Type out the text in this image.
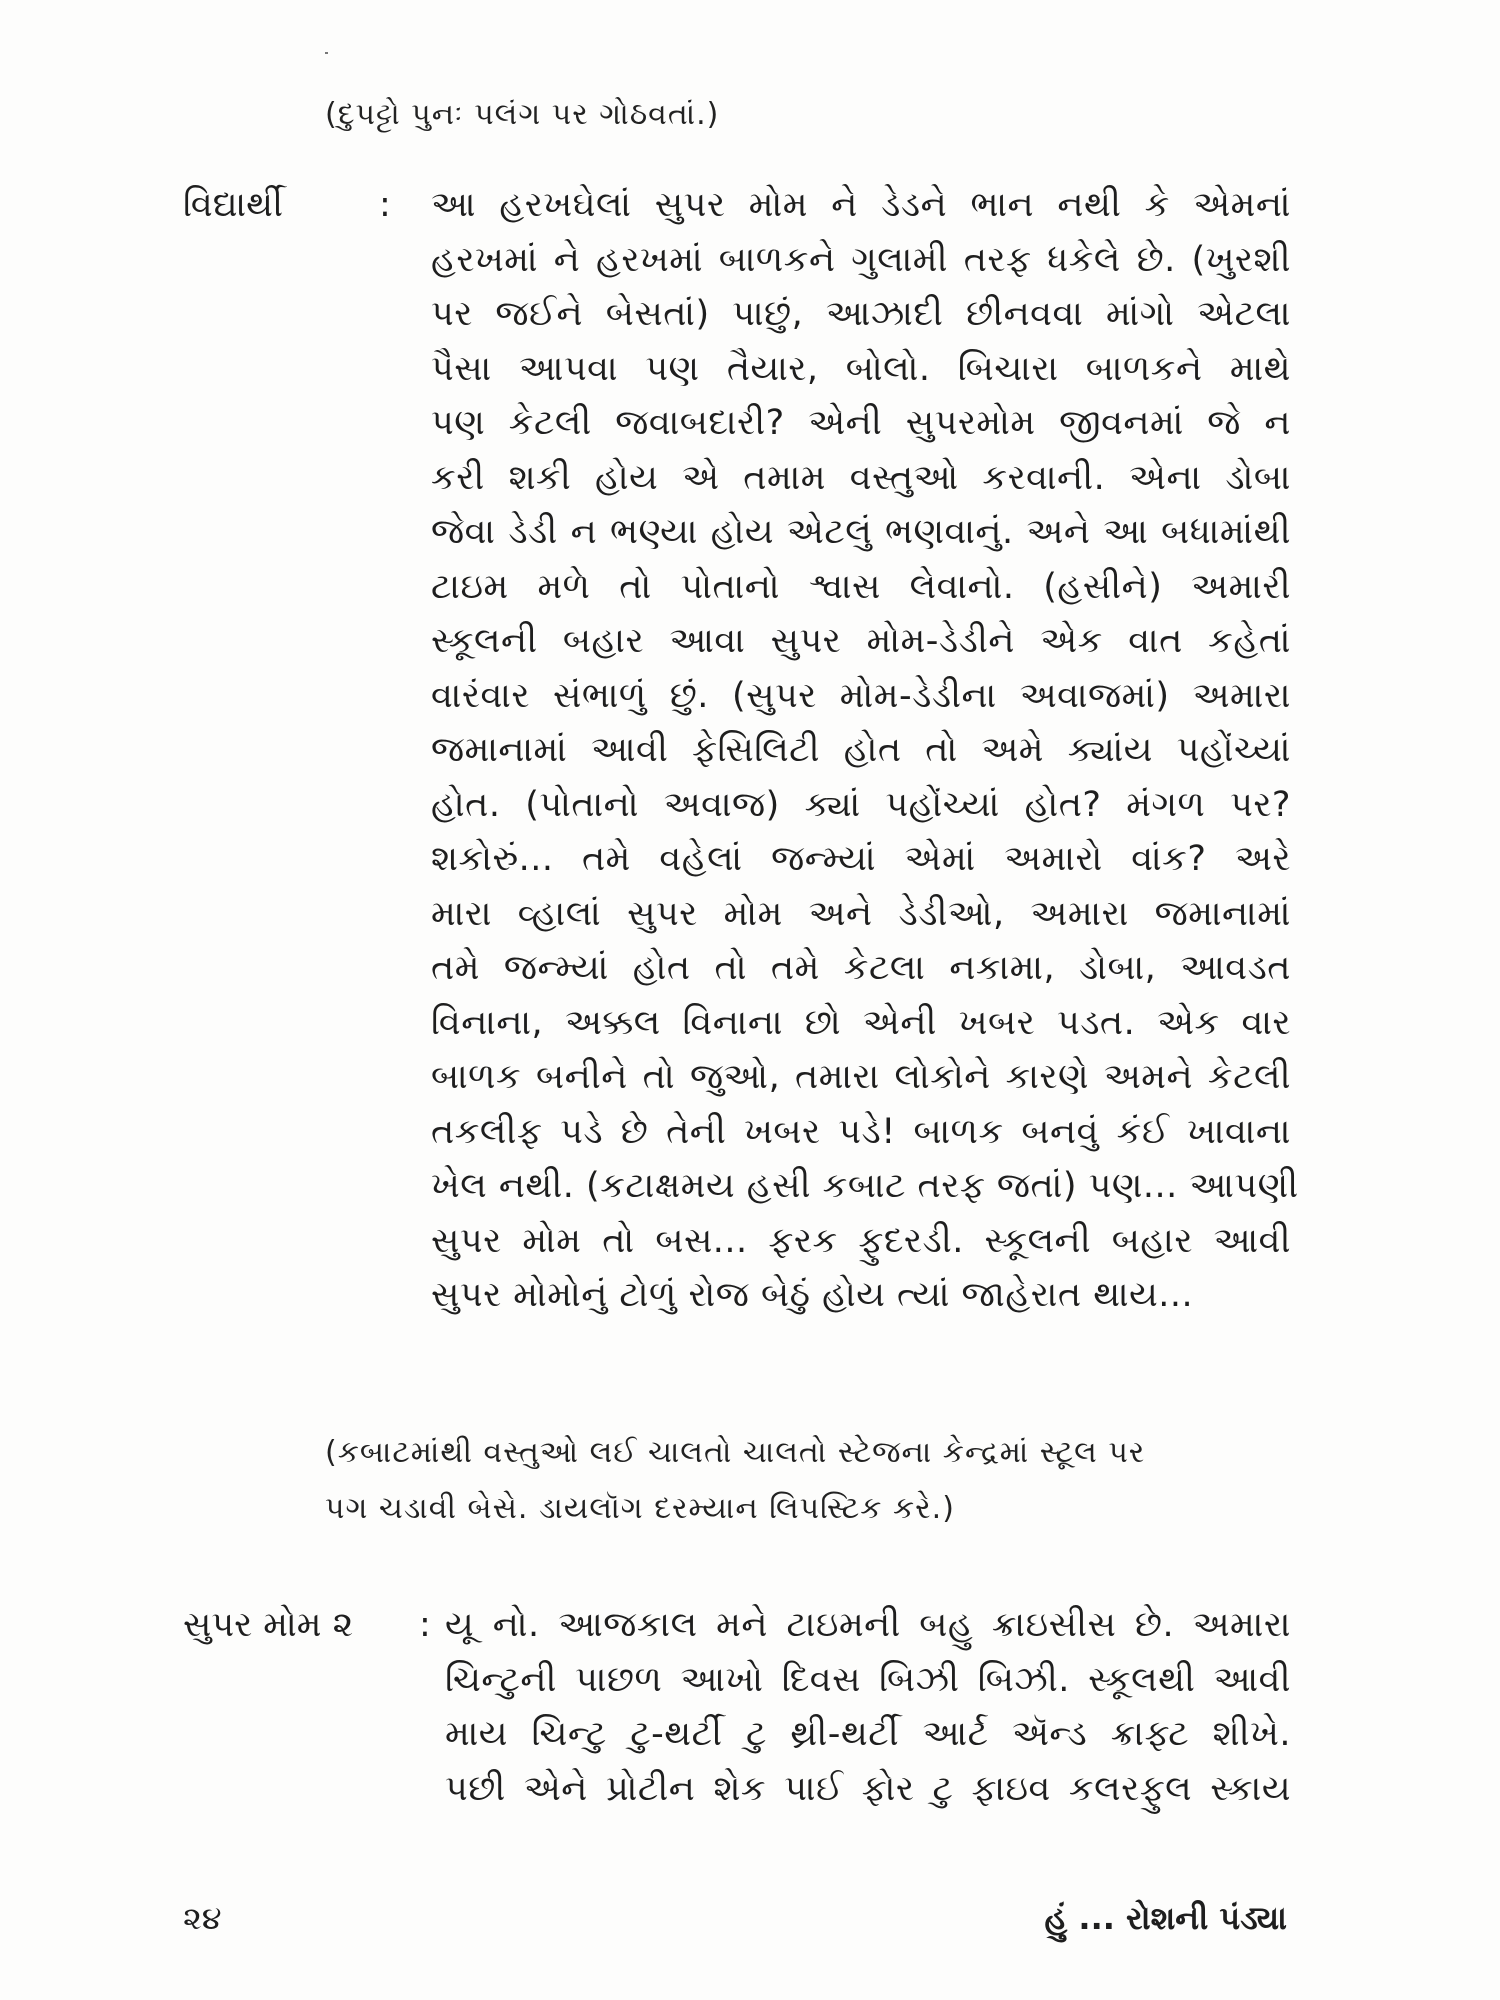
(દુપટ્ટો પુનઃ પલંગ પર ગોઠવતાં.)
વિદ્યાર્થી	: આ હરખઘેલાં સુપર મોમ ને ડેડને ભાન નથી કે એમનાં
હરખમાં ને હરખમાં બાળકને ગુલામી તરફ ધકેલે છે. (ખુરશી
પર જઈને બેસતાં) પાછું, આઝાદી છીનવવા માંગો એટલા
પૈસા આપવા પણ તૈયાર, બોલો. બિચારા બાળકને માથે
પણ કેટલી જવાબદારી? એની સુપરમોમ જીવનમાં જે ન
કરી શકી હોય એ તમામ વસ્તુઓ કરવાની. એના ડોબા
જેવા ડેડી ન ભણ્યા હોય એટલું ભણવાનું. અને આ બધામાંથી
ટાઇમ મળે તો પોતાનો શ્વાસ લેવાનો. (હસીને) અમારી
સ્કૂલની બહાર આવા સુપર મોમ-ડેડીને એક વાત કહેતાં
વારંવાર સંભાળું છું. (સુપર મોમ-ડેડીના અવાજમાં) અમારા
જમાનામાં આવી ફેસિલિટી હોત તો અમે ક્યાંય પહોંચ્યાં
હોત. (પોતાનો અવાજ) ક્યાં પહોંચ્યાં હોત? મંગળ પર?
શકોરું... તમે વહેલાં જન્મ્યાં એમાં અમારો વાંક? અરે
મારા વ્હાલાં સુપર મોમ અને ડેડીઓ, અમારા જમાનામાં
તમે જન્મ્યાં હોત તો તમે કેટલા નકામા, ડોબા, આવડત
વિનાના, અક્કલ વિનાના છો એની ખબર પડત. એક વાર
બાળક બનીને તો જુઓ, તમારા લોકોને કારણે અમને કેટલી
તકલીફ પડે છે તેની ખબર પડે! બાળક બનવું કંઈ ખાવાના
ખેલ નથી. (કટાક્ષમય હસી કબાટ તરફ જતાં) પણ... આપણી
સુપર મોમ તો બસ... ફરક ફુદરડી. સ્કૂલની બહાર આવી
સુપર મોમોનું ટોળું રોજ બેઠું હોય ત્યાં જાહેરાત થાય...
(કબાટમાંથી વસ્તુઓ લઈ ચાલતો ચાલતો સ્ટેજના કેન્દ્રમાં સ્ટૂલ પર
પગ ચડાવી બેસે. ડાયલૉગ દરમ્યાન લિપસ્ટિક કરે.)
સુપર મોમ ૨ : યૂ નો. આજકાલ મને ટાઇમની બહુ ક્રાઇસીસ છે. અમારા
ચિન્ટુની પાછળ આખો દિવસ બિઝી બિઝી. સ્કૂલથી આવી
માય ચિન્ટુ ટુ-થર્ટી ટુ થ્રી-થર્ટી આર્ટ ઍન્ડ ક્રાફ્ટ શીખે.
પછી એને પ્રોટીન શેક પાઈ ફોર ટુ ફાઇવ કલરફુલ સ્કાય
૨૪	હું ... રોશની પંડ્યા
